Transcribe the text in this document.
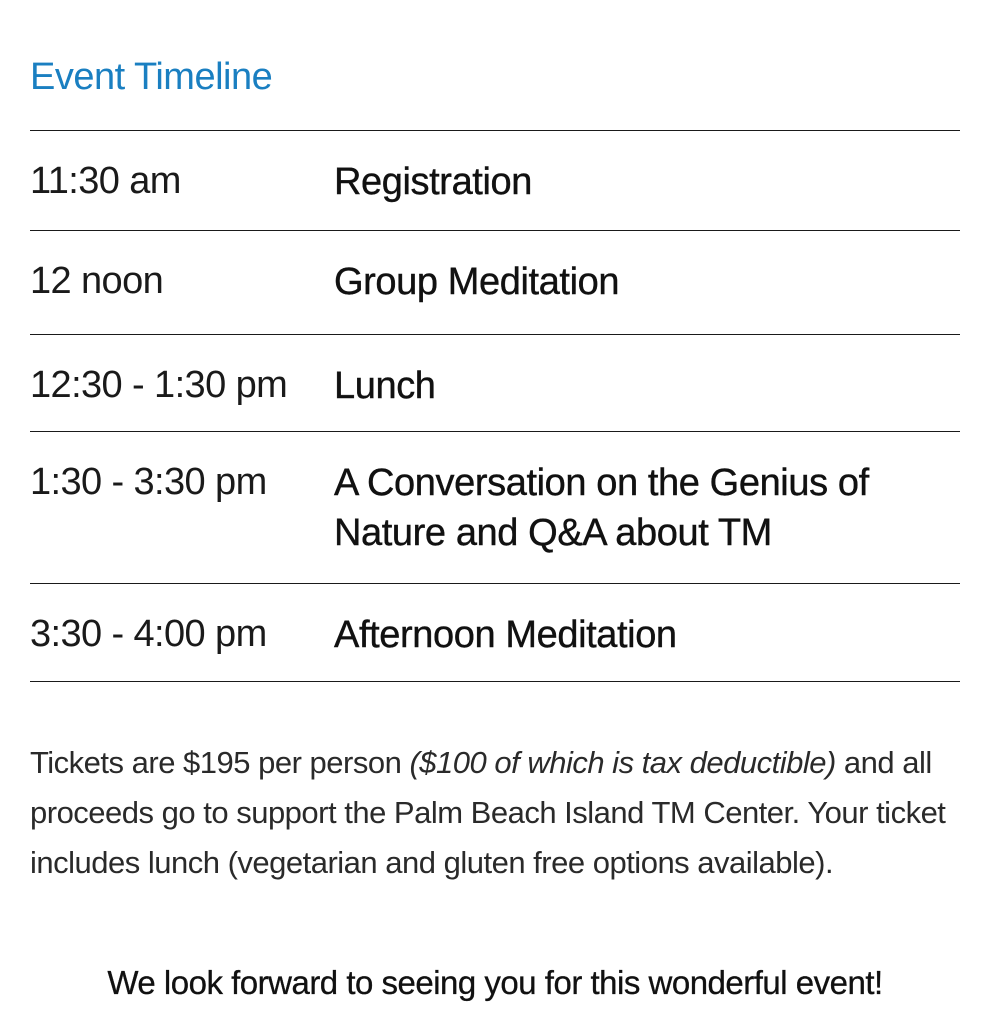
Event Timeline
11:30 am	Registration
12 noon	Group Meditation
12:30 - 1:30 pm	Lunch
1:30 - 3:30 pm	A Conversation on the Genius of Nature and Q&A about TM
3:30 - 4:00 pm	Afternoon Meditation

Tickets are $195 per person ($100 of which is tax deductible) and all proceeds go to support the Palm Beach Island TM Center. Your ticket includes lunch (vegetarian and gluten free options available).

We look forward to seeing you for this wonderful event!
